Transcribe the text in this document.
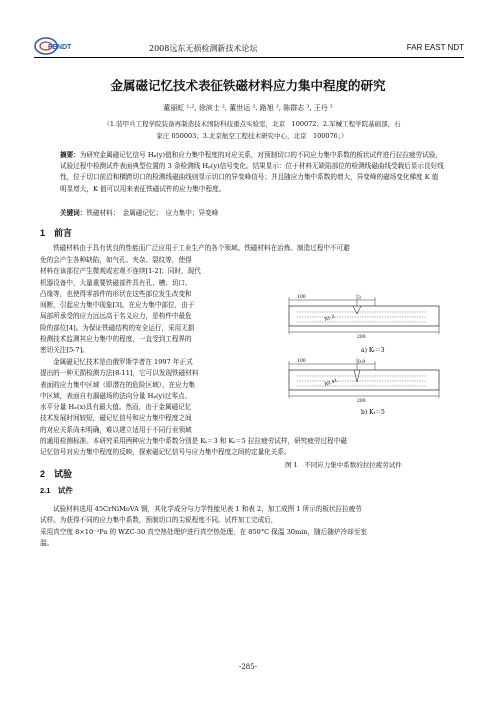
FENDT	2008远东无损检测新技术论坛	FAR EAST NDT
金属磁记忆技术表征铁磁材料应力集中程度的研究
董丽虹 ¹·², 徐滨士 ², 董世运 ², 路旭 ², 陈群志 ³, 王丹 ²
（1.装甲兵工程学院装备再制造技术国防科技重点实验室，北京　100072；2.军械工程学院基础部，石
家庄 050003；3.北京航空工程技术研究中心，北京　100076；）
摘要：为研究金属磁记忆信号 Hₚ(y)值和应力集中程度的对应关系，对预制切口的不同应力集中系数的板状试件进行拉拉疲劳试验，试验过程中检测试件表面典型位置的 3 条检测线 Hₚ(y)信号变化。结果显示：位于材料无缺陷部位的检测线磁曲线受载后显示良好线性，位于切口前沿和横跨切口的检测线磁曲线则显示切口的异变峰信号；并且随应力集中系数的增大，异变峰的磁场变化梯度 K 值明显增大，K 值可以用来表征铁磁试件的应力集中程度。
关键词：铁磁材料；　金属磁记忆；　应力集中；异变峰
1　前言
铁磁材料由于具有优良的性能而广泛应用于工业生产的各个领域。铁磁材料在冶炼、制造过程中不可避
免的会产生各种缺陷，如气孔、夹杂、裂纹等，使得
材料在该部位产生微观或宏观不连续[1-2]；同时，现代
机器设备中，大量重要铁磁部件具有孔、槽、切口、
凸缘等，也使得零部件的形状在这些部位发生改变和
间断，引起应力集中现象[3]。在应力集中部位，由于
局部所承受的应力远远高于名义应力，是构件中最危
险的部位[4]。为保证铁磁结构的安全运行，采用无损
检测技术监测其应力集中的程度，一直受到工程界的
密切关注[5-7]。
金属磁记忆技术是由俄罗斯学者在 1997 年正式
提出的一种无损检测方法[8-11]，它可以发现铁磁材料
表面的应力集中区域（即潜在的危险区域），在应力集
中区域，表面自有漏磁场的法向分量 Hₚ(y)过零点、
水平分量 Hₓ(x)具有最大值。然而，由于金属磁记忆
技术发展时间较短，磁记忆信号和应力集中程度之间
的对应关系尚未明确，难以建立适用于不同行业领域
的通用检测标准。本研究采用两种应力集中系数分别是 Kₜ＝3 和 Kₜ＝5 拉拉疲劳试样，研究疲劳过程中磁
记忆信号对应力集中程度的反映，探索磁记忆信号与应力集中程度之间的定量化关系。
100	3
R1.2
200
a) Kₜ＝3
100	0.9
R0.41
200
b) Kₜ＝5
图 1　不同应力集中系数的拉拉疲劳试件
2　试验
2.1　试件
试验材料选用 45CrNiMoVA 钢，其化学成分与力学性能见表 1 和表 2，加工成图 1 所示的板状拉拉疲劳
试样。为获得不同的应力集中系数，预制切口的尖锐程度不同。试件加工完成后，
采用真空度 8×10⁻²Pa 的 WZC-30 真空热处理炉进行真空热处理，在 850°C 保温 30min，随后随炉冷却至室
温。
-285-
